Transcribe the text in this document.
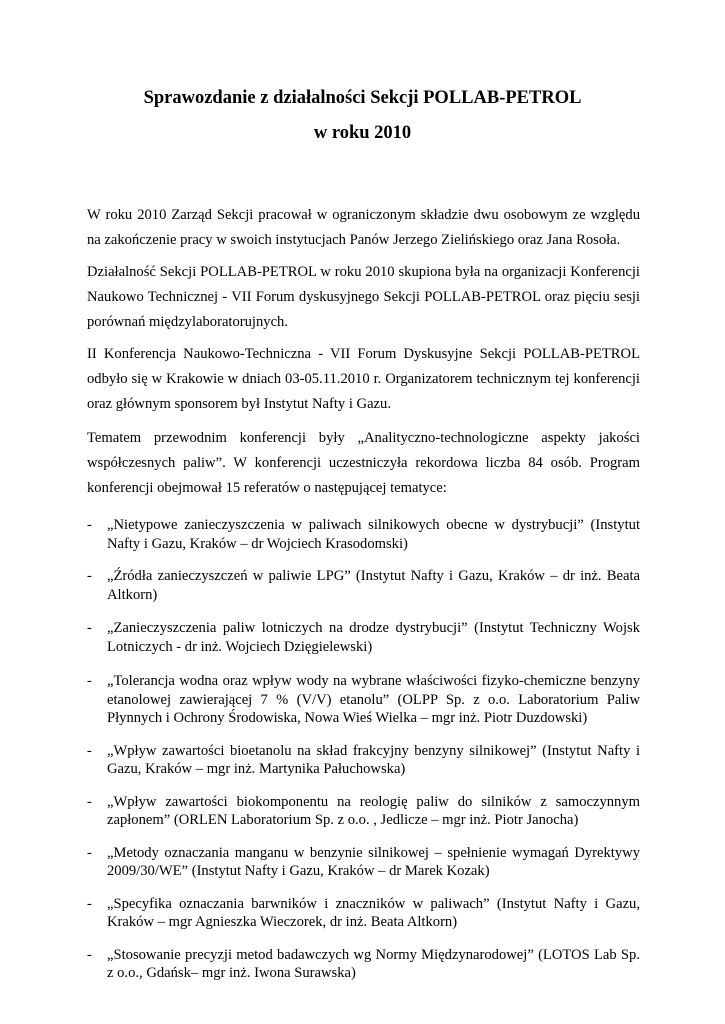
Sprawozdanie z działalności Sekcji POLLAB-PETROL
w roku 2010

W roku 2010 Zarząd Sekcji pracował w ograniczonym składzie dwu osobowym ze względu na zakończenie pracy w swoich instytucjach Panów Jerzego Zielińskiego oraz Jana Rosoła.

Działalność Sekcji POLLAB-PETROL w roku 2010 skupiona była na organizacji Konferencji Naukowo Technicznej - VII Forum dyskusyjnego Sekcji POLLAB-PETROL oraz pięciu sesji porównań międzylaboratorujnych.

II Konferencja Naukowo-Techniczna - VII Forum Dyskusyjne Sekcji POLLAB-PETROL odbyło się w Krakowie w dniach 03-05.11.2010 r. Organizatorem technicznym tej konferencji oraz głównym sponsorem był Instytut Nafty i Gazu.

Tematem przewodnim konferencji były „Analityczno-technologiczne aspekty jakości współczesnych paliw”. W konferencji uczestniczyła rekordowa liczba 84 osób. Program konferencji obejmował 15 referatów o następującej tematyce:

- „Nietypowe zanieczyszczenia w paliwach silnikowych obecne w dystrybucji” (Instytut Nafty i Gazu, Kraków – dr Wojciech Krasodomski)
- „Źródła zanieczyszczeń w paliwie LPG” (Instytut Nafty i Gazu, Kraków – dr inż. Beata Altkorn)
- „Zanieczyszczenia paliw lotniczych na drodze dystrybucji” (Instytut Techniczny Wojsk Lotniczych - dr inż. Wojciech Dzięgielewski)
- „Tolerancja wodna oraz wpływ wody na wybrane właściwości fizyko-chemiczne benzyny etanolowej zawierającej 7 % (V/V) etanolu” (OLPP Sp. z o.o. Laboratorium Paliw Płynnych i Ochrony Środowiska, Nowa Wieś Wielka – mgr inż. Piotr Duzdowski)
- „Wpływ zawartości bioetanolu na skład frakcyjny benzyny silnikowej” (Instytut Nafty i Gazu, Kraków – mgr inż. Martynika Pałuchowska)
- „Wpływ zawartości biokomponentu na reologię paliw do silników z samoczynnym zapłonem” (ORLEN Laboratorium Sp. z o.o. , Jedlicze – mgr inż. Piotr Janocha)
- „Metody oznaczania manganu w benzynie silnikowej – spełnienie wymagań Dyrektywy 2009/30/WE” (Instytut Nafty i Gazu, Kraków – dr Marek Kozak)
- „Specyfika oznaczania barwników i znaczników w paliwach” (Instytut Nafty i Gazu, Kraków – mgr Agnieszka Wieczorek, dr inż. Beata Altkorn)
- „Stosowanie precyzji metod badawczych wg Normy Międzynarodowej” (LOTOS Lab Sp. z o.o., Gdańsk– mgr inż. Iwona Surawska)
